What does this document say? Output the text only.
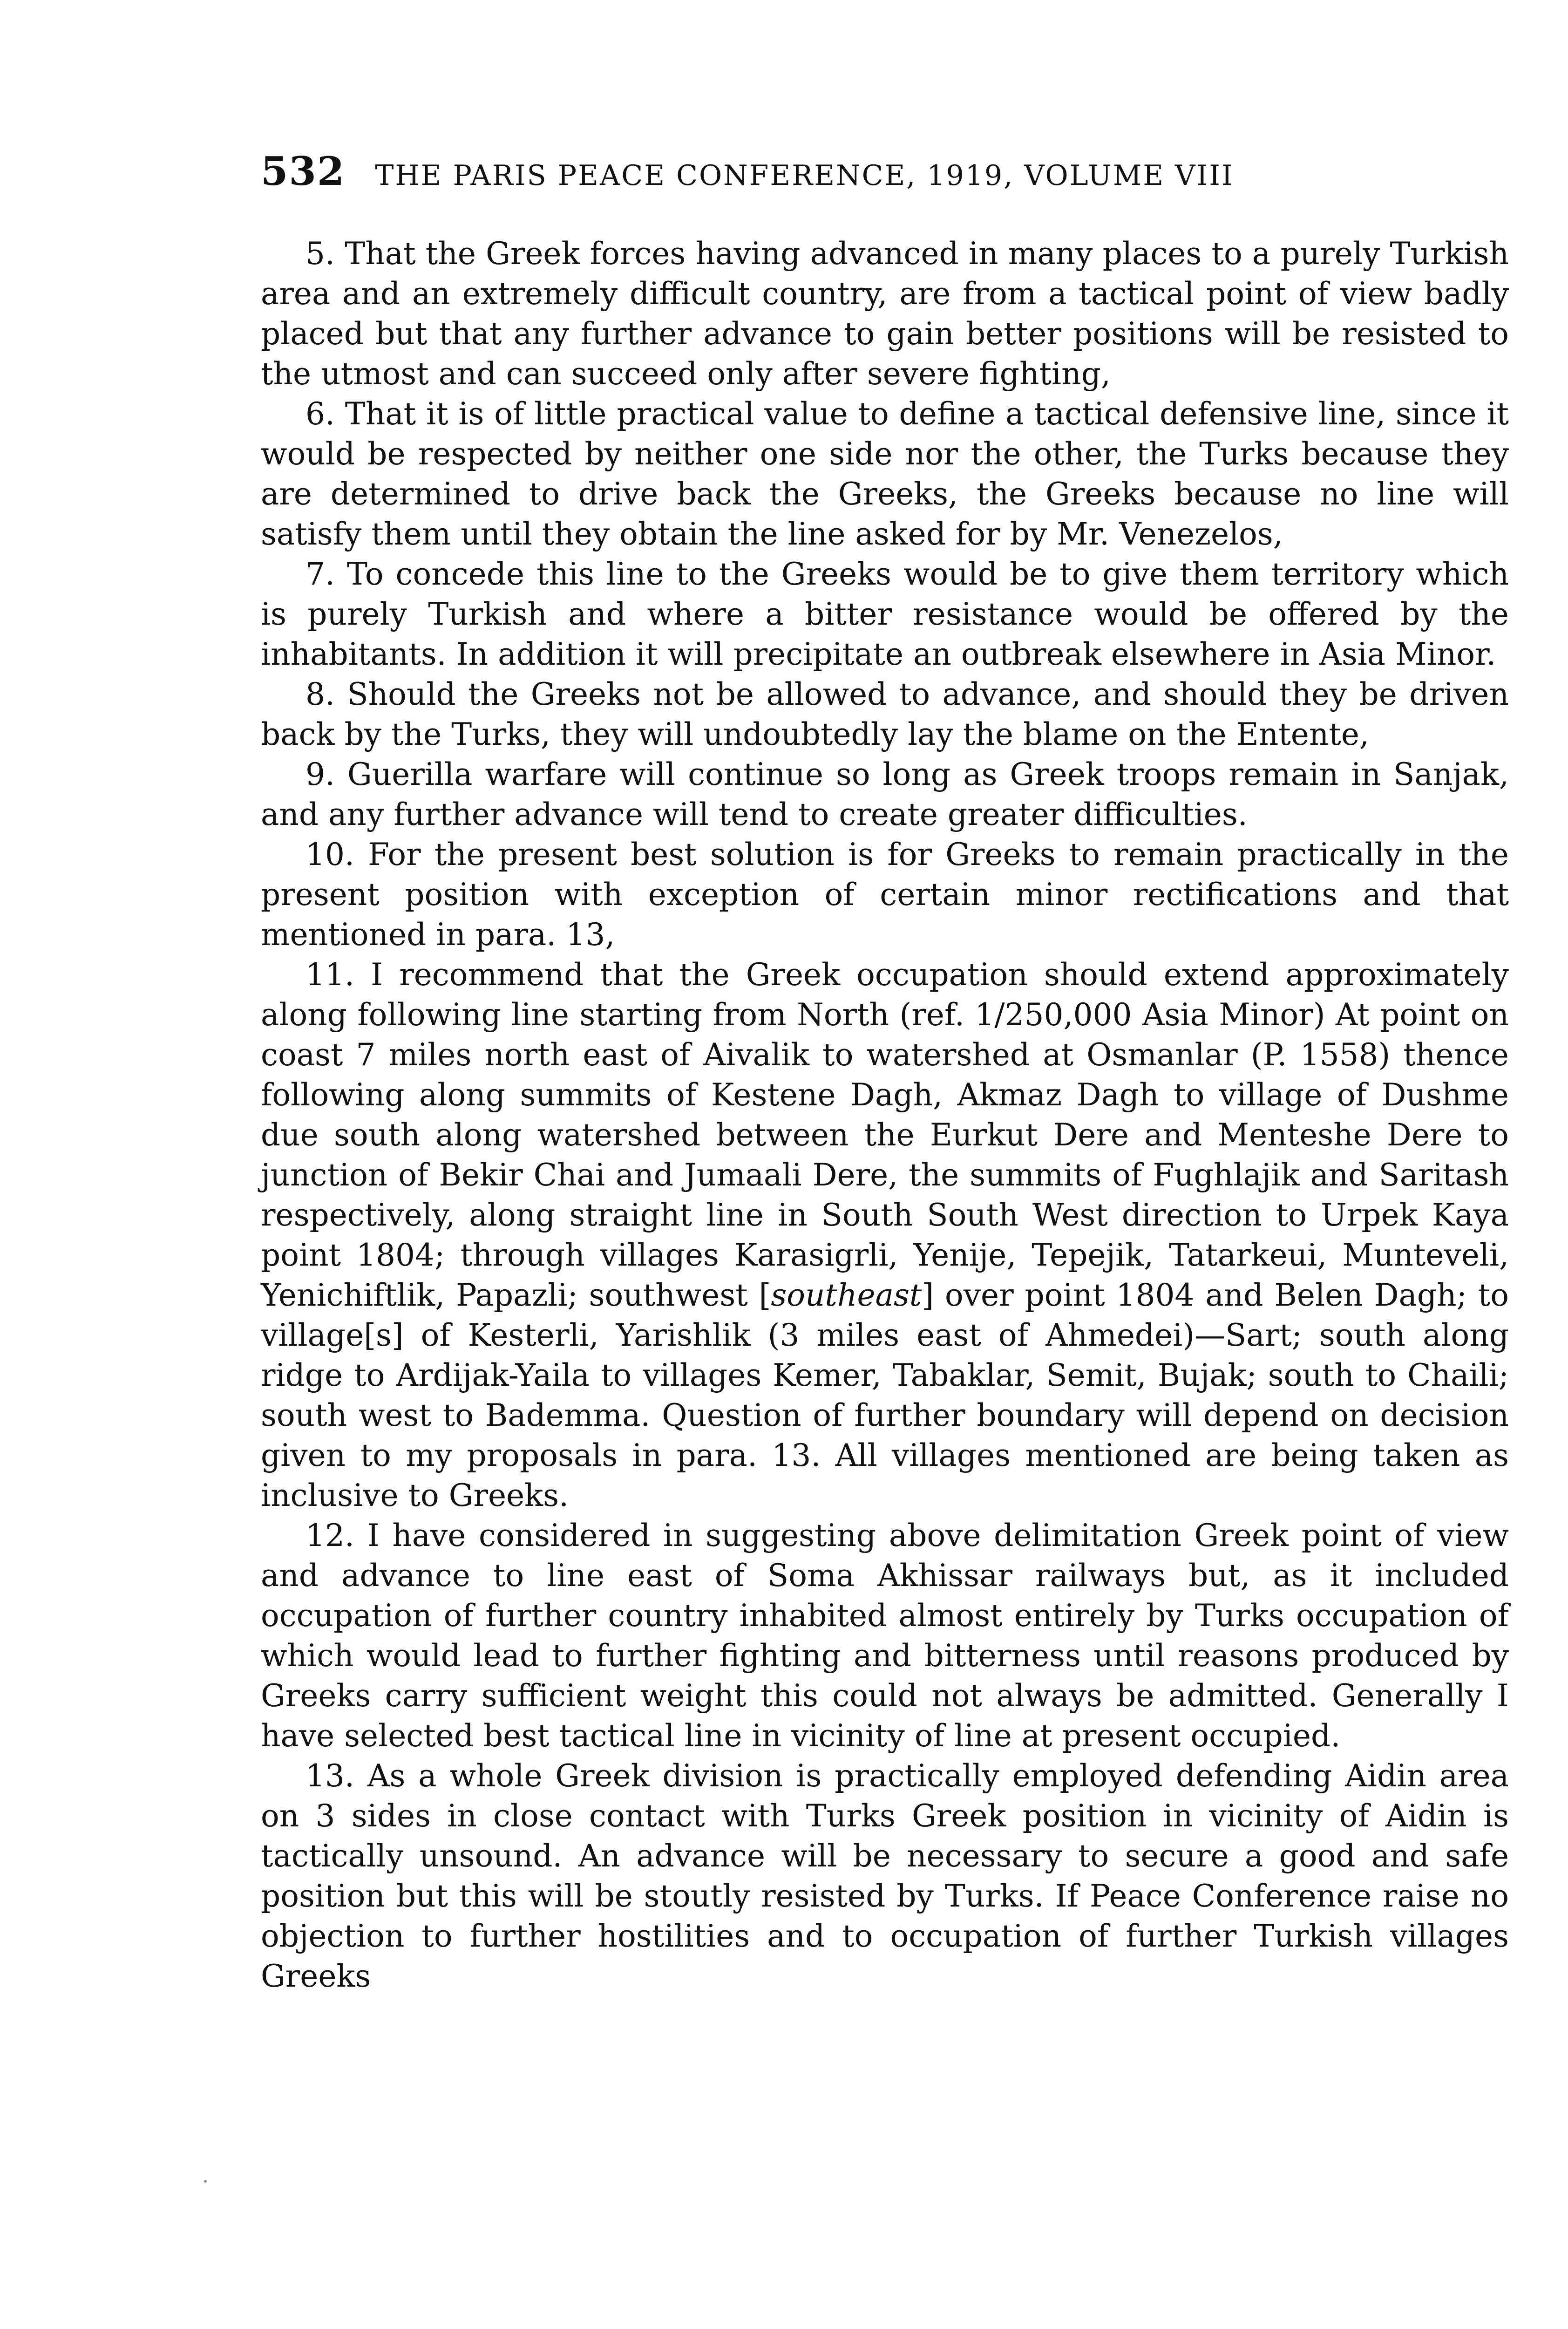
532 THE PARIS PEACE CONFERENCE, 1919, VOLUME VIII

5. That the Greek forces having advanced in many places to a purely Turkish area and an extremely difficult country, are from a tactical point of view badly placed but that any further advance to gain better positions will be resisted to the utmost and can succeed only after severe fighting,

6. That it is of little practical value to define a tactical defensive line, since it would be respected by neither one side nor the other, the Turks because they are determined to drive back the Greeks, the Greeks because no line will satisfy them until they obtain the line asked for by Mr. Venezelos,

7. To concede this line to the Greeks would be to give them territory which is purely Turkish and where a bitter resistance would be offered by the inhabitants. In addition it will precipitate an outbreak elsewhere in Asia Minor.

8. Should the Greeks not be allowed to advance, and should they be driven back by the Turks, they will undoubtedly lay the blame on the Entente,

9. Guerilla warfare will continue so long as Greek troops remain in Sanjak, and any further advance will tend to create greater difficulties.

10. For the present best solution is for Greeks to remain practically in the present position with exception of certain minor rectifications and that mentioned in para. 13,

11. I recommend that the Greek occupation should extend approximately along following line starting from North (ref. 1/250,000 Asia Minor) At point on coast 7 miles north east of Aivalik to watershed at Osmanlar (P. 1558) thence following along summits of Kestene Dagh, Akmaz Dagh to village of Dushme due south along watershed between the Eurkut Dere and Menteshe Dere to junction of Bekir Chai and Jumaali Dere, the summits of Fughlajik and Saritash respectively, along straight line in South South West direction to Urpek Kaya point 1804; through villages Karasigrli, Yenije, Tepejik, Tatarkeui, Munteveli, Yenichiftlik, Papazli; southwest [southeast] over point 1804 and Belen Dagh; to village[s] of Kesterli, Yarishlik (3 miles east of Ahmedei)—Sart; south along ridge to Ardijak-Yaila to villages Kemer, Tabaklar, Semit, Bujak; south to Chaili; south west to Bademma. Question of further boundary will depend on decision given to my proposals in para. 13. All villages mentioned are being taken as inclusive to Greeks.

12. I have considered in suggesting above delimitation Greek point of view and advance to line east of Soma Akhissar railways but, as it included occupation of further country inhabited almost entirely by Turks occupation of which would lead to further fighting and bitterness until reasons produced by Greeks carry sufficient weight this could not always be admitted. Generally I have selected best tactical line in vicinity of line at present occupied.

13. As a whole Greek division is practically employed defending Aidin area on 3 sides in close contact with Turks Greek position in vicinity of Aidin is tactically unsound. An advance will be necessary to secure a good and safe position but this will be stoutly resisted by Turks. If Peace Conference raise no objection to further hostilities and to occupation of further Turkish villages Greeks
